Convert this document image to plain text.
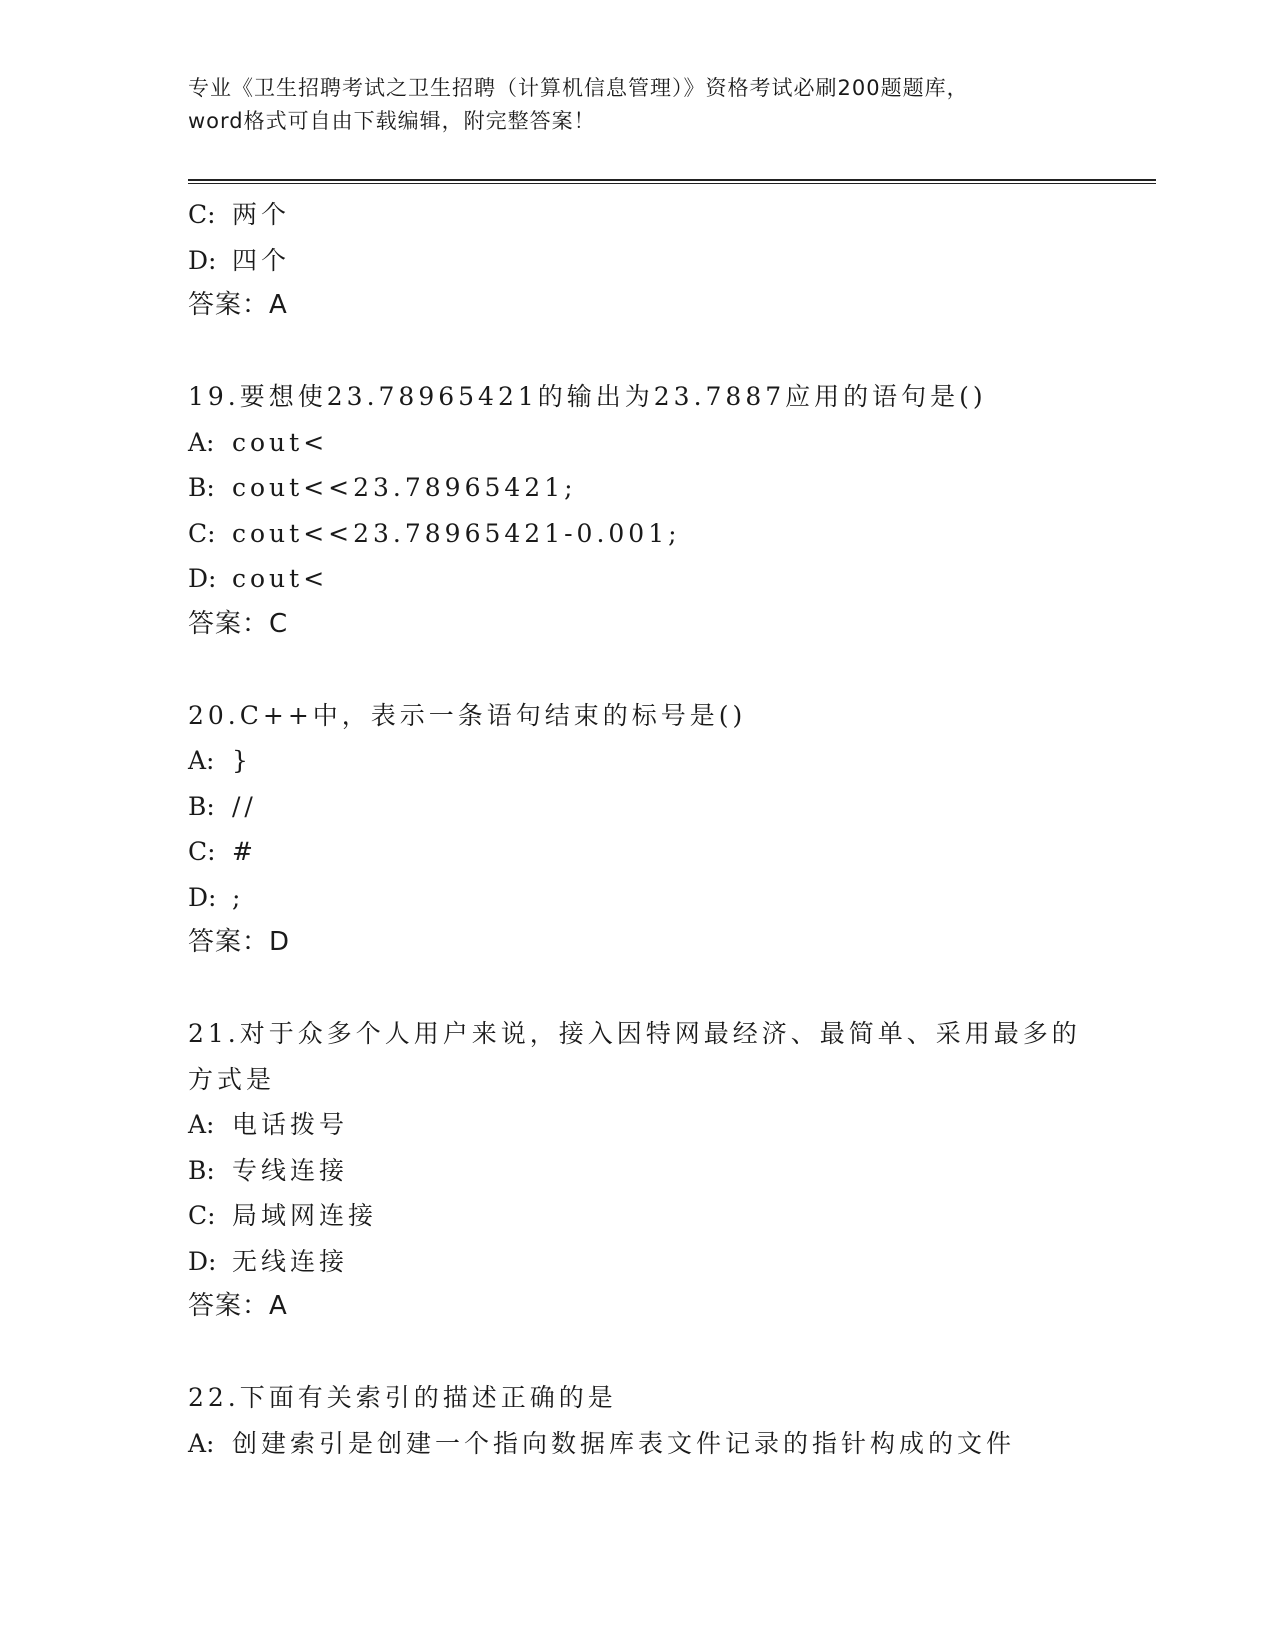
专业《卫生招聘考试之卫生招聘（计算机信息管理）》资格考试必刷200题题库，
word格式可自由下载编辑，附完整答案！
C: 两个
D: 四个
答案：A
19.要想使23.78965421的输出为23.7887应用的语句是()
A: cout<
B: cout<<23.78965421;
C: cout<<23.78965421-0.001;
D: cout<
答案：C
20.C++中，表示一条语句结束的标号是()
A: }
B: //
C: #
D: ;
答案：D
21.对于众多个人用户来说，接入因特网最经济、最简单、采用最多的
方式是
A: 电话拨号
B: 专线连接
C: 局域网连接
D: 无线连接
答案：A
22.下面有关索引的描述正确的是
A: 创建索引是创建一个指向数据库表文件记录的指针构成的文件
